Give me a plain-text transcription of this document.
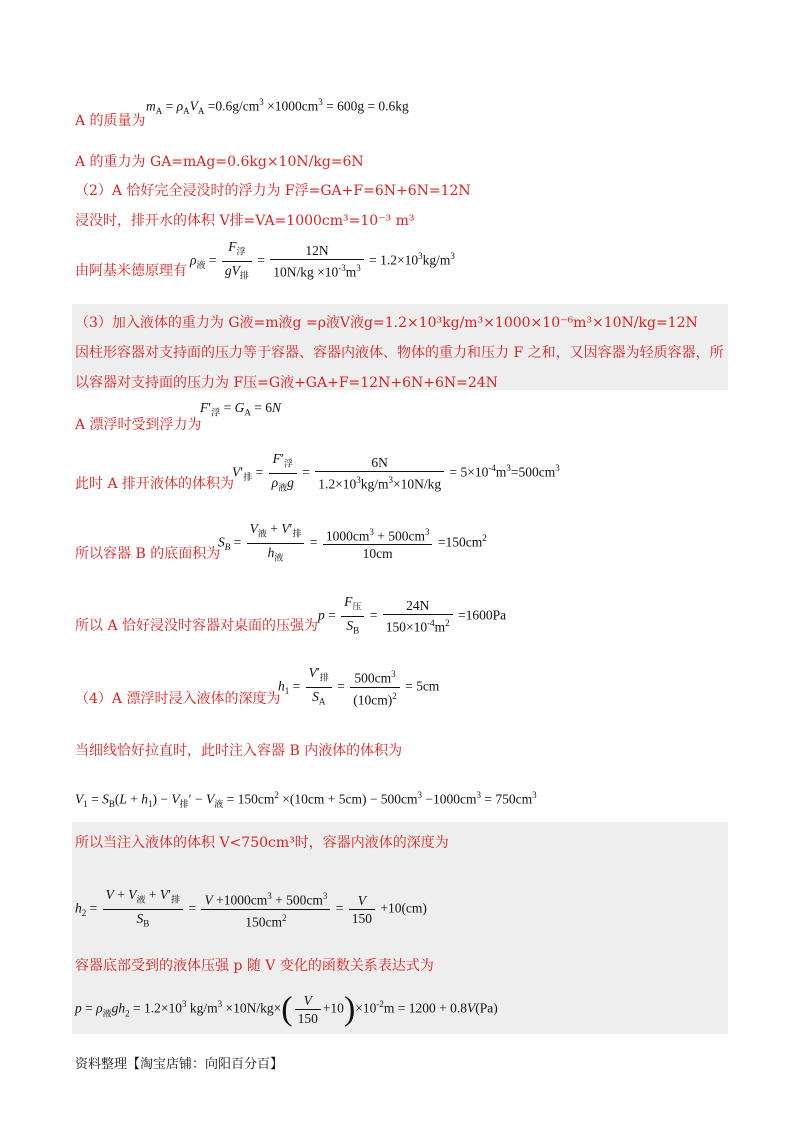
A 的质量为
$m_A = \rho_AV_A =0.6g/cm^3 \times 1000cm^3 = 600g = 0.6kg$
A 的重力为 GA=mAg=0.6kg×10N/kg=6N
（2）A 恰好完全浸没时的浮力为 F浮=GA+F=6N+6N=12N
浸没时，排开水的体积 V排=VA=1000cm³=10⁻³ m³
由阿基米德原理有
$\rho_液 = \frac{F_浮}{gV_排} = \frac{12N}{10N/kg \times 10^{-3}m^3} = 1.2\times 10^3kg/m^3$
（3）加入液体的重力为 G液=m液g =ρ液V液g=1.2×10³kg/m³×1000×10⁻⁶m³×10N/kg=12N
因柱形容器对支持面的压力等于容器、容器内液体、物体的重力和压力 F 之和，又因容器为轻质容器，所
以容器对支持面的压力为 F压=G液+GA+F=12N+6N+6N=24N
A 漂浮时受到浮力为
$F'_浮 = G_A = 6N$
此时 A 排开液体的体积为
$V'_排 = \frac{F'_浮}{\rho_液g} = \frac{6N}{1.2\times 10^3kg/m^3\times 10N/kg} = 5\times 10^{-4}m^3=500cm^3$
所以容器 B 的底面积为
$S_B = \frac{V_液 + V'_排}{h_液} = \frac{1000cm^3 + 500cm^3}{10cm} =150cm^2$
所以 A 恰好浸没时容器对桌面的压强为
$p = \frac{F_压}{S_B} = \frac{24N}{150\times 10^{-4}m^2} =1600Pa$
（4）A 漂浮时浸入液体的深度为
$h_1 = \frac{V'_排}{S_A} = \frac{500cm^3}{(10cm)^2} = 5cm$
当细线恰好拉直时，此时注入容器 B 内液体的体积为
$V_1 = S_B(L + h_1) - V_排' - V_液 = 150cm^2 \times(10cm + 5cm) - 500cm^3 -1000cm^3 = 750cm^3$
所以当注入液体的体积 V<750cm³时，容器内液体的深度为
$h_2 = \frac{V + V_液 + V'_排}{S_B} = \frac{V +1000cm^3 + 500cm^3}{150cm^2} = \frac{V}{150} +10(cm)$
容器底部受到的液体压强 p 随 V 变化的函数关系表达式为
$p = \rho_液gh_2 = 1.2\times 10^3$ $kg/m^3 \times 10N/kg\times( \frac{V}{150} +10)\times 10^{-2}m = 1200 + 0.8V(Pa)$
资料整理【淘宝店铺：向阳百分百】
